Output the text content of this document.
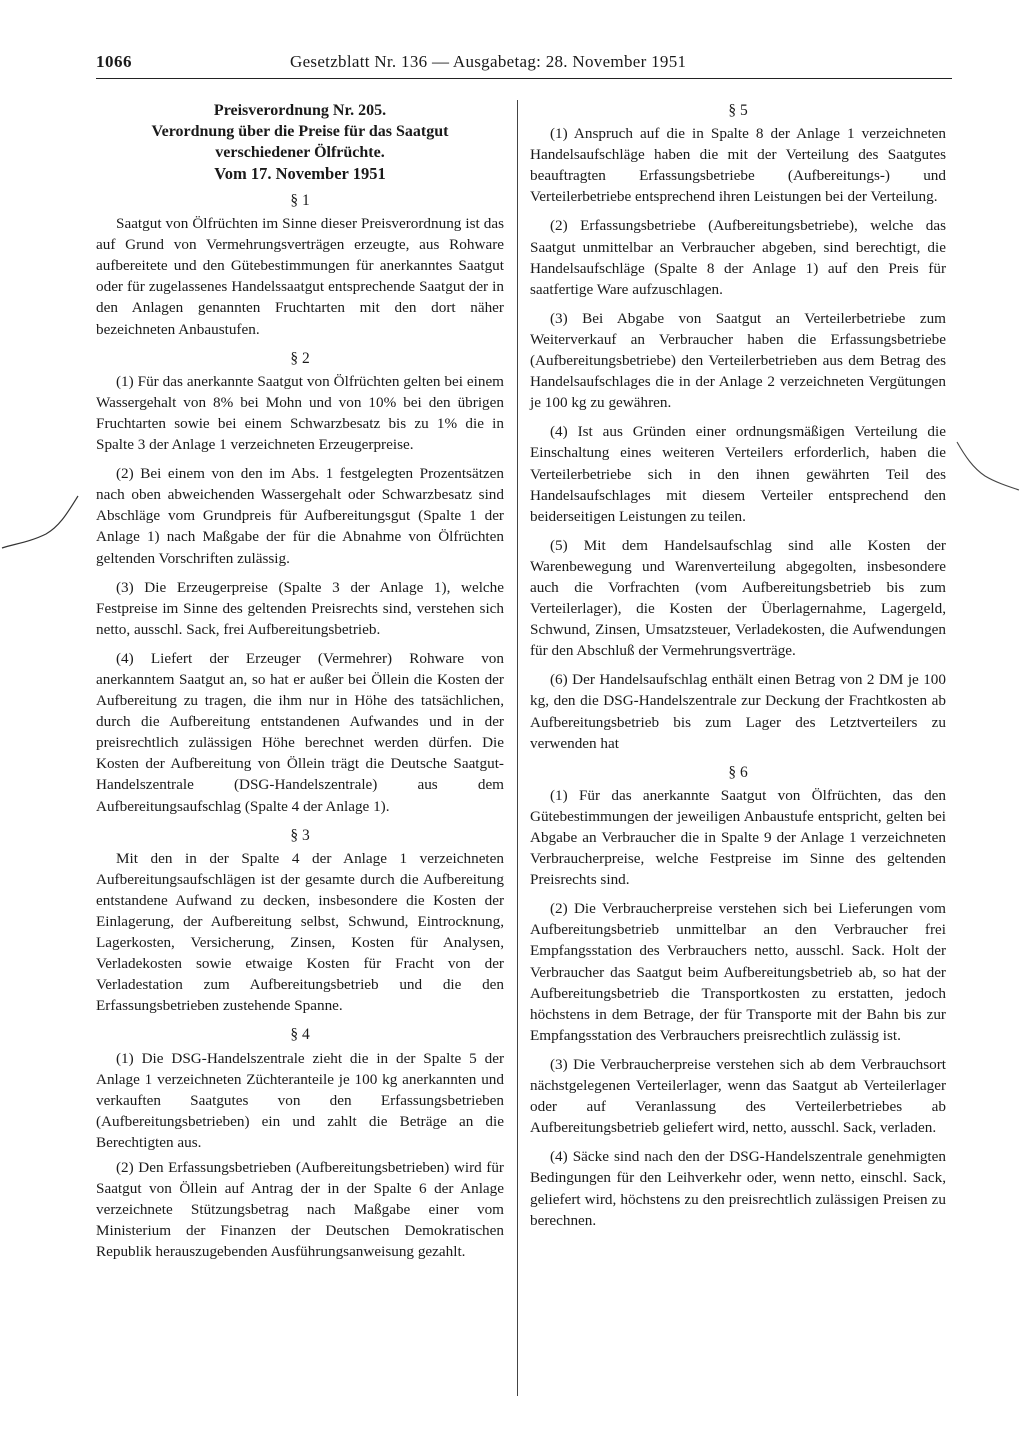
1066	Gesetzblatt Nr. 136 — Ausgabetag: 28. November 1951
Preisverordnung Nr. 205.
Verordnung über die Preise für das Saatgut
verschiedener Ölfrüchte.
Vom 17. November 1951
§ 1

Saatgut von Ölfrüchten im Sinne dieser Preisverordnung ist das auf Grund von Vermehrungsverträgen erzeugte, aus Rohware aufbereitete und den Gütebestimmungen für anerkanntes Saatgut oder für zugelassenes Handelssaatgut entsprechende Saatgut der in den Anlagen genannten Fruchtarten mit den dort näher bezeichneten Anbaustufen.

§ 2

(1) Für das anerkannte Saatgut von Ölfrüchten gelten bei einem Wassergehalt von 8% bei Mohn und von 10% bei den übrigen Fruchtarten sowie bei einem Schwarzbesatz bis zu 1% die in Spalte 3 der Anlage 1 verzeichneten Erzeugerpreise.

(2) Bei einem von den im Abs. 1 festgelegten Prozentsätzen nach oben abweichenden Wassergehalt oder Schwarzbesatz sind Abschläge vom Grundpreis für Aufbereitungsgut (Spalte 1 der Anlage 1) nach Maßgabe der für die Abnahme von Ölfrüchten geltenden Vorschriften zulässig.

(3) Die Erzeugerpreise (Spalte 3 der Anlage 1), welche Festpreise im Sinne des geltenden Preisrechts sind, verstehen sich netto, ausschl. Sack, frei Aufbereitungsbetrieb.

(4) Liefert der Erzeuger (Vermehrer) Rohware von anerkanntem Saatgut an, so hat er außer bei Öllein die Kosten der Aufbereitung zu tragen, die ihm nur in Höhe des tatsächlichen, durch die Aufbereitung entstandenen Aufwandes und in der preisrechtlich zulässigen Höhe berechnet werden dürfen. Die Kosten der Aufbereitung von Öllein trägt die Deutsche Saatgut-Handelszentrale (DSG-Handelszentrale) aus dem Aufbereitungsaufschlag (Spalte 4 der Anlage 1).

§ 3

Mit den in der Spalte 4 der Anlage 1 verzeichneten Aufbereitungsaufschlägen ist der gesamte durch die Aufbereitung entstandene Aufwand zu decken, insbesondere die Kosten der Einlagerung, der Aufbereitung selbst, Schwund, Eintrocknung, Lagerkosten, Versicherung, Zinsen, Kosten für Analysen, Verladekosten sowie etwaige Kosten für Fracht von der Verladestation zum Aufbereitungsbetrieb und die den Erfassungsbetrieben zustehende Spanne.

§ 4

(1) Die DSG-Handelszentrale zieht die in der Spalte 5 der Anlage 1 verzeichneten Züchteranteile je 100 kg anerkannten und verkauften Saatgutes von den Erfassungsbetrieben (Aufbereitungsbetrieben) ein und zahlt die Beträge an die Berechtigten aus.

(2) Den Erfassungsbetrieben (Aufbereitungsbetrieben) wird für Saatgut von Öllein auf Antrag der in der Spalte 6 der Anlage verzeichnete Stützungsbetrag nach Maßgabe einer vom Ministerium der Finanzen der Deutschen Demokratischen Republik herauszugebenden Ausführungsanweisung gezahlt.

§ 5

(1) Anspruch auf die in Spalte 8 der Anlage 1 verzeichneten Handelsaufschläge haben die mit der Verteilung des Saatgutes beauftragten Erfassungsbetriebe (Aufbereitungs-) und Verteilerbetriebe entsprechend ihren Leistungen bei der Verteilung.

(2) Erfassungsbetriebe (Aufbereitungsbetriebe), welche das Saatgut unmittelbar an Verbraucher abgeben, sind berechtigt, die Handelsaufschläge (Spalte 8 der Anlage 1) auf den Preis für saatfertige Ware aufzuschlagen.

(3) Bei Abgabe von Saatgut an Verteilerbetriebe zum Weiterverkauf an Verbraucher haben die Erfassungsbetriebe (Aufbereitungsbetriebe) den Verteilerbetrieben aus dem Betrag des Handelsaufschlages die in der Anlage 2 verzeichneten Vergütungen je 100 kg zu gewähren.

(4) Ist aus Gründen einer ordnungsmäßigen Verteilung die Einschaltung eines weiteren Verteilers erforderlich, haben die Verteilerbetriebe sich in den ihnen gewährten Teil des Handelsaufschlages mit diesem Verteiler entsprechend den beiderseitigen Leistungen zu teilen.

(5) Mit dem Handelsaufschlag sind alle Kosten der Warenbewegung und Warenverteilung abgegolten, insbesondere auch die Vorfrachten (vom Aufbereitungsbetrieb bis zum Verteilerlager), die Kosten der Überlagernahme, Lagergeld, Schwund, Zinsen, Umsatzsteuer, Verladekosten, die Aufwendungen für den Abschluß der Vermehrungsverträge.

(6) Der Handelsaufschlag enthält einen Betrag von 2 DM je 100 kg, den die DSG-Handelszentrale zur Deckung der Frachtkosten ab Aufbereitungsbetrieb bis zum Lager des Letztverteilers zu verwenden hat

§ 6

(1) Für das anerkannte Saatgut von Ölfrüchten, das den Gütebestimmungen der jeweiligen Anbaustufe entspricht, gelten bei Abgabe an Verbraucher die in Spalte 9 der Anlage 1 verzeichneten Verbraucherpreise, welche Festpreise im Sinne des geltenden Preisrechts sind.

(2) Die Verbraucherpreise verstehen sich bei Lieferungen vom Aufbereitungsbetrieb unmittelbar an den Verbraucher frei Empfangsstation des Verbrauchers netto, ausschl. Sack. Holt der Verbraucher das Saatgut beim Aufbereitungsbetrieb ab, so hat der Aufbereitungsbetrieb die Transportkosten zu erstatten, jedoch höchstens in dem Betrage, der für Transporte mit der Bahn bis zur Empfangsstation des Verbrauchers preisrechtlich zulässig ist.

(3) Die Verbraucherpreise verstehen sich ab dem Verbrauchsort nächstgelegenen Verteilerlager, wenn das Saatgut ab Verteilerlager oder auf Veranlassung des Verteilerbetriebes ab Aufbereitungsbetrieb geliefert wird, netto, ausschl. Sack, verladen.

(4) Säcke sind nach den der DSG-Handelszentrale genehmigten Bedingungen für den Leihverkehr oder, wenn netto, einschl. Sack, geliefert wird, höchstens zu den preisrechtlich zulässigen Preisen zu berechnen.
